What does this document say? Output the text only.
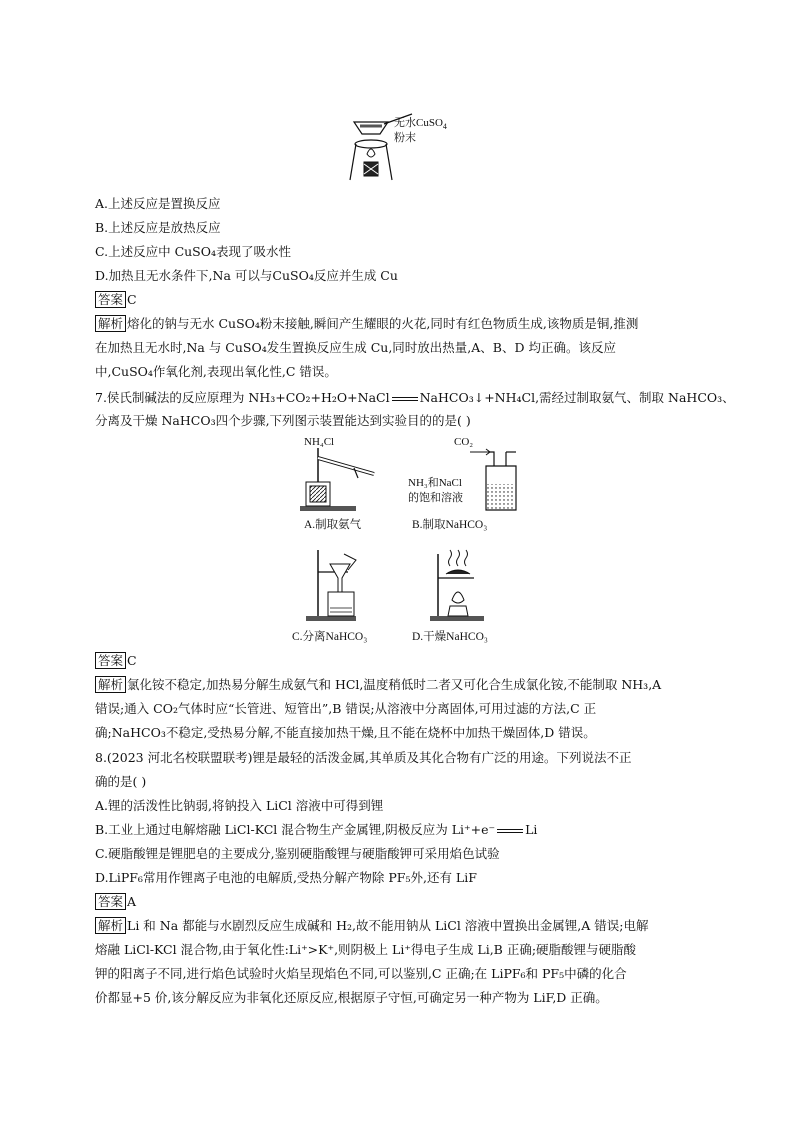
无水CuSO$_4$
粉末
A.上述反应是置换反应
B.上述反应是放热反应
C.上述反应中 CuSO₄表现了吸水性
D.加热且无水条件下,Na 可以与CuSO₄反应并生成 Cu
答案 C
解析 熔化的钠与无水 CuSO₄粉末接触,瞬间产生耀眼的火花,同时有红色物质生成,该物质是铜,推测
在加热且无水时,Na 与 CuSO₄发生置换反应生成 Cu,同时放出热量,A、B、D 均正确。该反应
中,CuSO₄作氧化剂,表现出氧化性,C 错误。
7.侯氏制碱法的反应原理为 NH₃+CO₂+H₂O+NaCl NaHCO₃↓+NH₄Cl,需经过制取氨气、制取 NaHCO₃、
分离及干燥 NaHCO₃四个步骤,下列图示装置能达到实验目的的是( )
NH₄Cl
A.制取氨气
CO₂
NH₃和NaCl
的饱和溶液
B.制取NaHCO₃
C.分离NaHCO₃	D.干燥NaHCO₃
答案 C
解析 氯化铵不稳定,加热易分解生成氨气和 HCl,温度稍低时二者又可化合生成氯化铵,不能制取 NH₃,A
错误;通入 CO₂气体时应“长管进、短管出”,B 错误;从溶液中分离固体,可用过滤的方法,C 正
确;NaHCO₃不稳定,受热易分解,不能直接加热干燥,且不能在烧杯中加热干燥固体,D 错误。
8.(2023 河北名校联盟联考)锂是最轻的活泼金属,其单质及其化合物有广泛的用途。下列说法不正
确的是( )
A.锂的活泼性比钠弱,将钠投入 LiCl 溶液中可得到锂
B.工业上通过电解熔融 LiCl-KCl 混合物生产金属锂,阴极反应为 Li⁺+e⁻ Li
C.硬脂酸锂是锂肥皂的主要成分,鉴别硬脂酸锂与硬脂酸钾可采用焰色试验
D.LiPF₆常用作锂离子电池的电解质,受热分解产物除 PF₅外,还有 LiF
答案 A
解析 Li 和 Na 都能与水剧烈反应生成碱和 H₂,故不能用钠从 LiCl 溶液中置换出金属锂,A 错误;电解
熔融 LiCl-KCl 混合物,由于氧化性:Li⁺>K⁺,则阴极上 Li⁺得电子生成 Li,B 正确;硬脂酸锂与硬脂酸
钾的阳离子不同,进行焰色试验时火焰呈现焰色不同,可以鉴别,C 正确;在 LiPF₆和 PF₅中磷的化合
价都显+5 价,该分解反应为非氧化还原反应,根据原子守恒,可确定另一种产物为 LiF,D 正确。
